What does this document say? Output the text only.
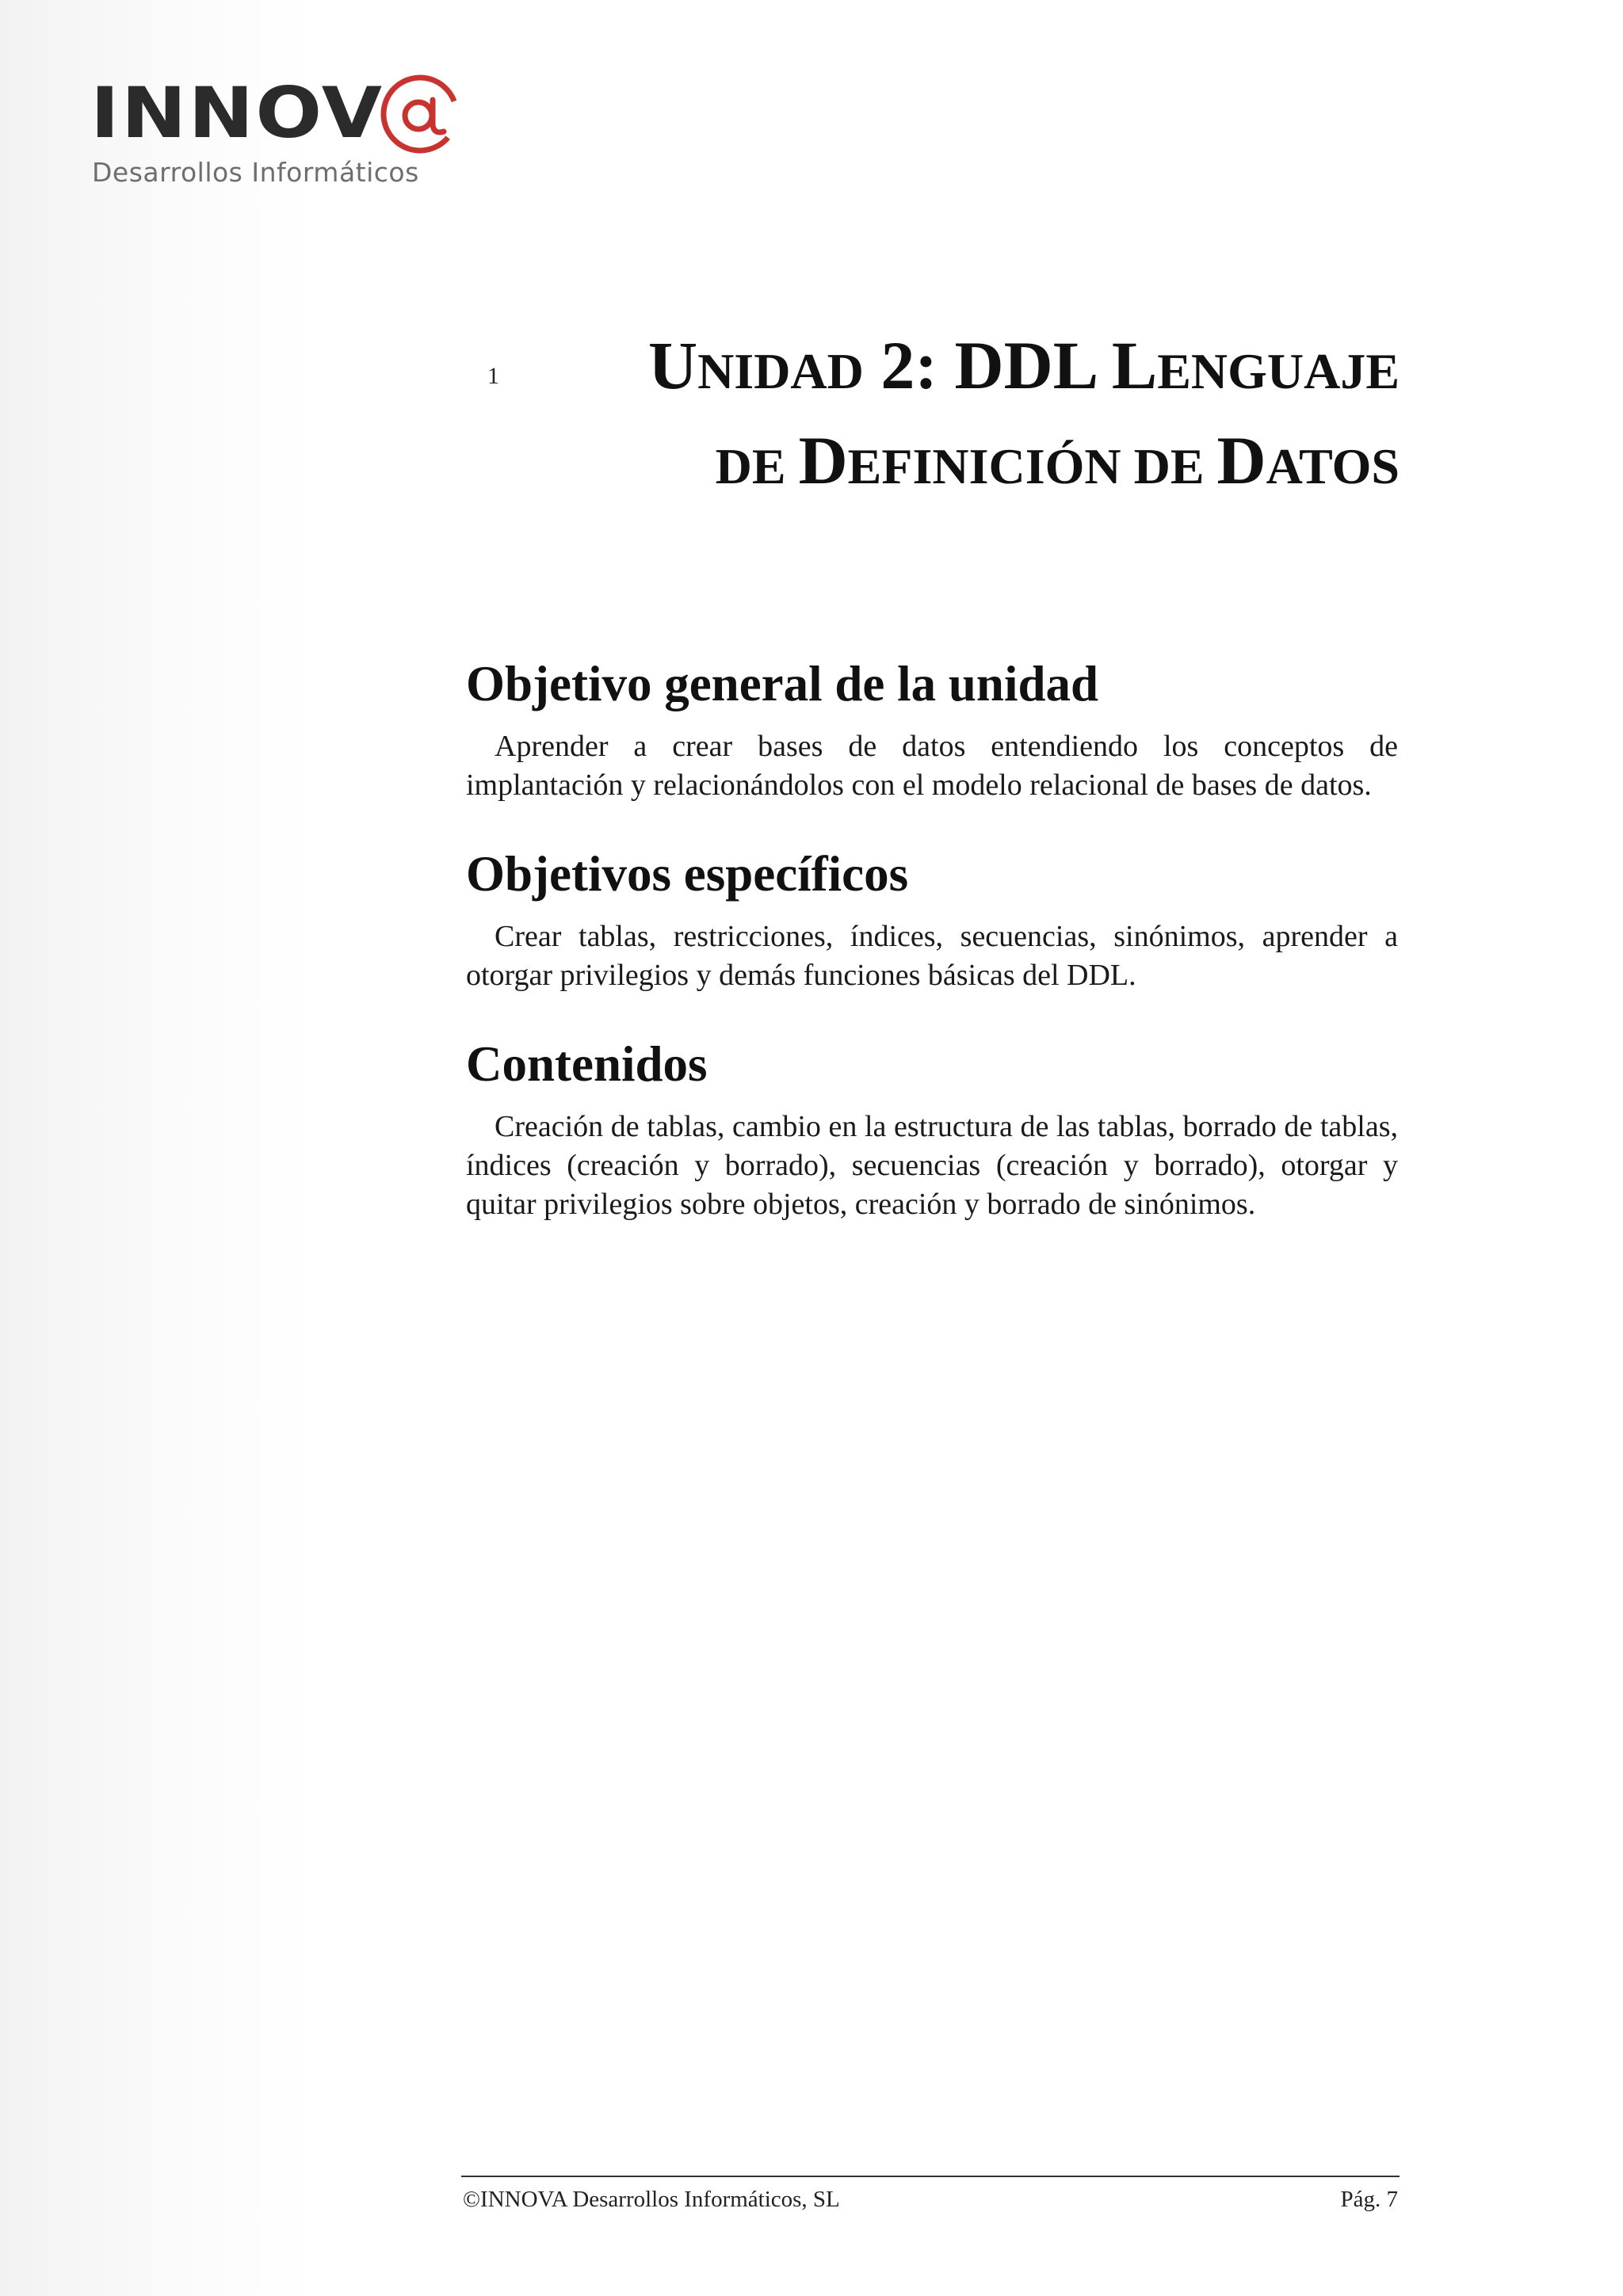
INNOV
@
Desarrollos Informáticos
1	UNIDAD 2: DDL LENGUAJE
DE DEFINICIÓN DE DATOS
Objetivo general de la unidad

Aprender a crear bases de datos entendiendo los conceptos de implantación y relacionándolos con el modelo relacional de bases de datos.

Objetivos específicos

Crear tablas, restricciones, índices, secuencias, sinónimos, aprender a otorgar privilegios y demás funciones básicas del DDL.

Contenidos

Creación de tablas, cambio en la estructura de las tablas, borrado de tablas, índices (creación y borrado), secuencias (creación y borrado), otorgar y quitar privilegios sobre objetos, creación y borrado de sinónimos.

©INNOVA Desarrollos Informáticos, SL	Pág. 7
